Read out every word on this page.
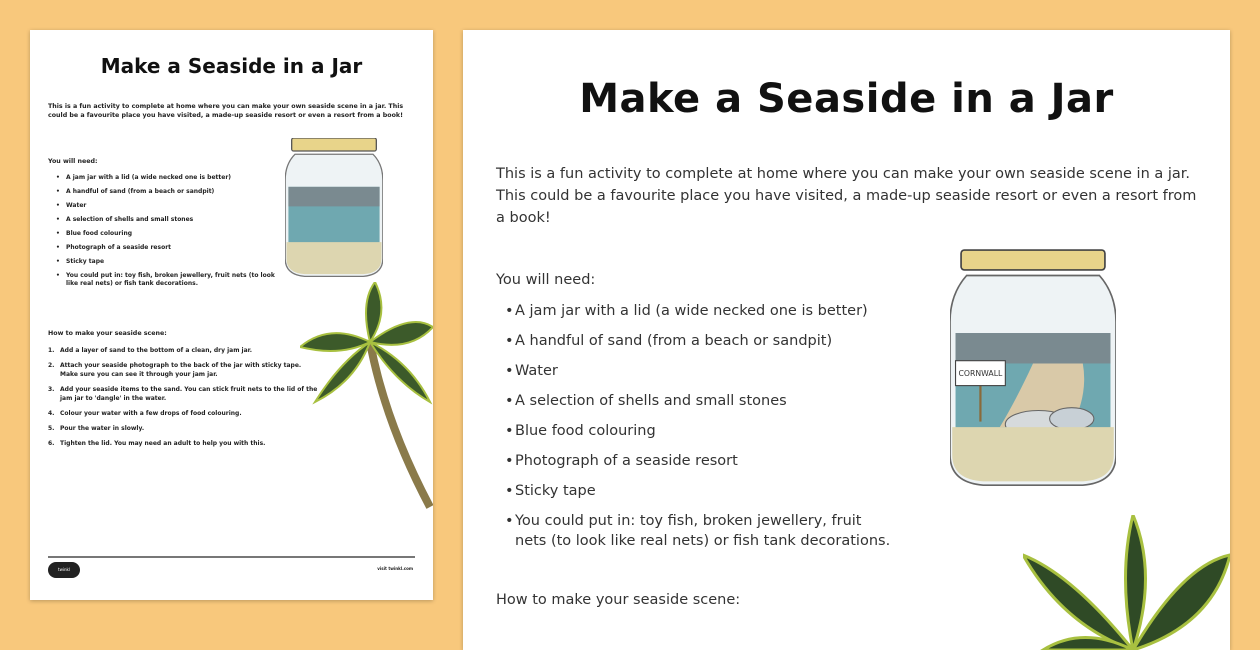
Make a Seaside in a Jar
This is a fun activity to complete at home where you can make your own seaside scene in a jar. This could be a favourite place you have visited, a made-up seaside resort or even a resort from a book!
You will need:
• A jam jar with a lid (a wide necked one is better)
• A handful of sand (from a beach or sandpit)
• Water
• A selection of shells and small stones
• Blue food colouring
• Photograph of a seaside resort
• Sticky tape
• You could put in: toy fish, broken jewellery, fruit nets (to look like real nets) or fish tank decorations.
How to make your seaside scene:
1. Add a layer of sand to the bottom of a clean, dry jam jar.
2. Attach your seaside photograph to the back of the jar with sticky tape. Make sure you can see it through your jam jar.
3. Add your seaside items to the sand. You can stick fruit nets to the lid of the jam jar to 'dangle' in the water.
4. Colour your water with a few drops of food colouring.
5. Pour the water in slowly.
6. Tighten the lid. You may need an adult to help you with this.
twinkl	visit twinkl.com
Make a Seaside in a Jar
This is a fun activity to complete at home where you can make your own seaside scene in a jar. This could be a favourite place you have visited, a made-up seaside resort or even a resort from a book!
You will need:
• A jam jar with a lid (a wide necked one is better)
• A handful of sand (from a beach or sandpit)
• Water
• A selection of shells and small stones
• Blue food colouring
• Photograph of a seaside resort
• Sticky tape
• You could put in: toy fish, broken jewellery, fruit nets (to look like real nets) or fish tank decorations.
How to make your seaside scene:
CORNWALL
